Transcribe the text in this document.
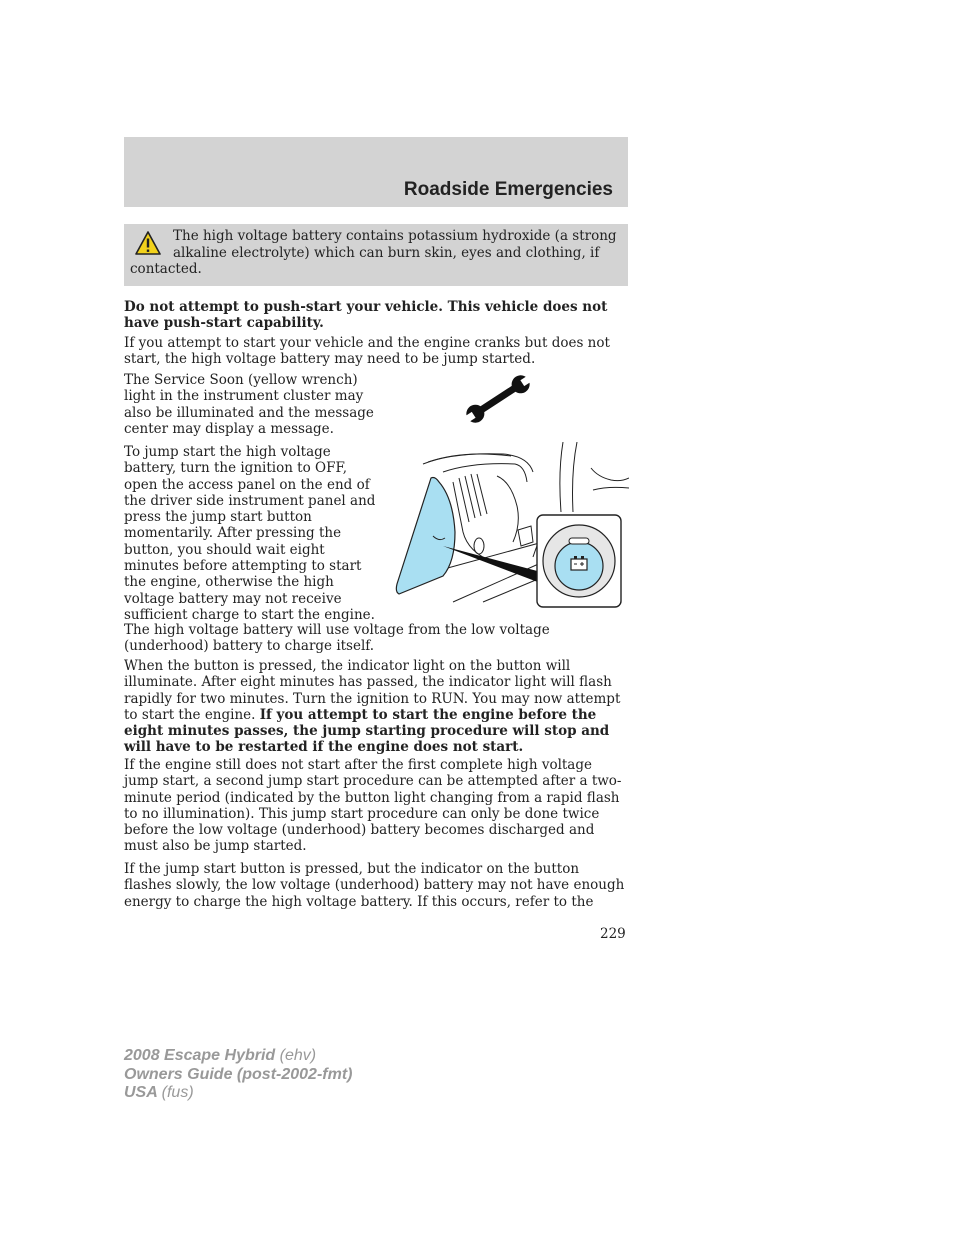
Roadside Emergencies
The high voltage battery contains potassium hydroxide (a strong
alkaline electrolyte) which can burn skin, eyes and clothing, if
contacted.

Do not attempt to push-start your vehicle. This vehicle does not have push-start capability.

If you attempt to start your vehicle and the engine cranks but does not start, the high voltage battery may need to be jump started.

The Service Soon (yellow wrench) light in the instrument cluster may also be illuminated and the message center may display a message.

To jump start the high voltage battery, turn the ignition to OFF, open the access panel on the end of the driver side instrument panel and press the jump start button momentarily. After pressing the button, you should wait eight minutes before attempting to start the engine, otherwise the high voltage battery may not receive sufficient charge to start the engine.

The high voltage battery will use voltage from the low voltage (underhood) battery to charge itself.

When the button is pressed, the indicator light on the button will illuminate. After eight minutes has passed, the indicator light will flash rapidly for two minutes. Turn the ignition to RUN. You may now attempt to start the engine. If you attempt to start the engine before the eight minutes passes, the jump starting procedure will stop and will have to be restarted if the engine does not start.

If the engine still does not start after the first complete high voltage jump start, a second jump start procedure can be attempted after a two-minute period (indicated by the button light changing from a rapid flash to no illumination). This jump start procedure can only be done twice before the low voltage (underhood) battery becomes discharged and must also be jump started.

If the jump start button is pressed, but the indicator on the button flashes slowly, the low voltage (underhood) battery may not have enough energy to charge the high voltage battery. If this occurs, refer to the

229
2008 Escape Hybrid (ehv)
Owners Guide (post-2002-fmt)
USA (fus)
